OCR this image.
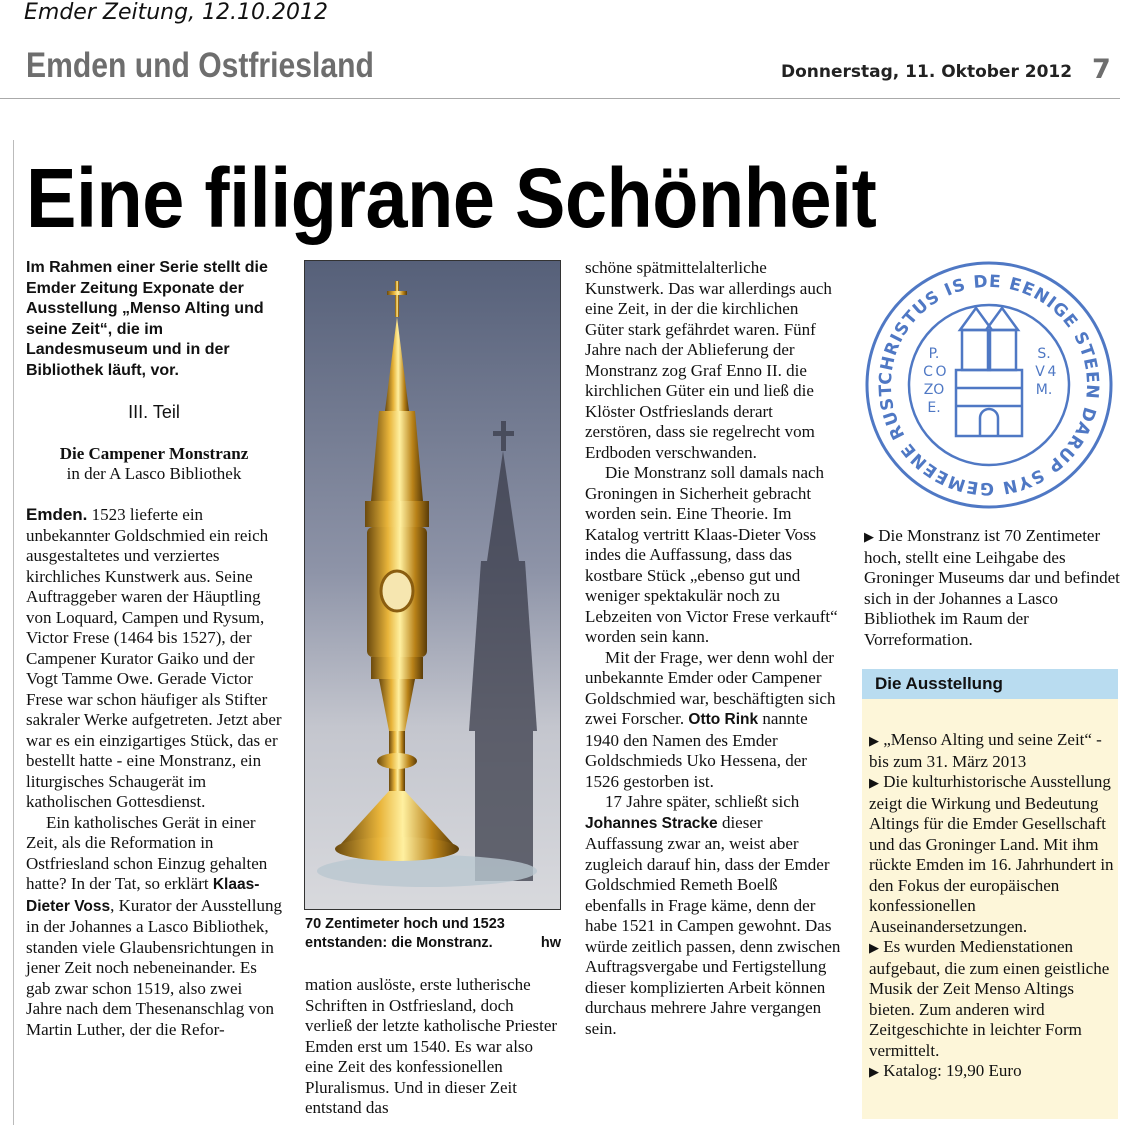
Emder Zeitung, 12.10.2012
Emden und Ostfriesland	Donnerstag, 11. Oktober 2012 7
Eine filigrane Schönheit
Im Rahmen einer Serie stellt die Emder Zeitung Exponate der Ausstellung „Menso Alting und seine Zeit“, die im Landesmuseum und in der Bibliothek läuft, vor.
III. Teil
Die Campener Monstranz
in der A Lasco Bibliothek

Emden. 1523 lieferte ein unbekannter Goldschmied ein reich ausgestaltetes und verziertes kirchliches Kunstwerk aus. Seine Auftraggeber waren der Häuptling von Loquard, Campen und Rysum, Victor Frese (1464 bis 1527), der Campener Kurator Gaiko und der Vogt Tamme Owe. Gerade Victor Frese war schon häufiger als Stifter sakraler Werke aufgetreten. Jetzt aber war es ein einzigartiges Stück, das er bestellt hatte - eine Monstranz, ein liturgisches Schaugerät im katholischen Gottesdienst.

Ein katholisches Gerät in einer Zeit, als die Reformation in Ostfriesland schon Einzug gehalten hatte? In der Tat, so erklärt Klaas-Dieter Voss, Kurator der Ausstellung in der Johannes a Lasco Bibliothek, standen viele Glaubensrichtungen in jener Zeit noch nebeneinander. Es gab zwar schon 1519, also zwei Jahre nach dem Thesenanschlag von Martin Luther, der die Refor-

70 Zentimeter hoch und 1523 entstanden: die Monstranz.	hw

mation auslöste, erste lutherische Schriften in Ostfriesland, doch verließ der letzte katholische Priester Emden erst um 1540. Es war also eine Zeit des konfessionellen Pluralismus. Und in dieser Zeit entstand das

schöne spätmittelalterliche Kunstwerk. Das war allerdings auch eine Zeit, in der die kirchlichen Güter stark gefährdet waren. Fünf Jahre nach der Ablieferung der Monstranz zog Graf Enno II. die kirchlichen Güter ein und ließ die Klöster Ostfrieslands derart zerstören, dass sie regelrecht vom Erdboden verschwanden.

Die Monstranz soll damals nach Groningen in Sicherheit gebracht worden sein. Eine Theorie. Im Katalog vertritt Klaas-Dieter Voss indes die Auffassung, dass das kostbare Stück „ebenso gut und weniger spektakulär noch zu Lebzeiten von Victor Frese verkauft“ worden sein kann.

Mit der Frage, wer denn wohl der unbekannte Emder oder Campener Goldschmied war, beschäftigten sich zwei Forscher. Otto Rink nannte 1940 den Namen des Emder Goldschmieds Uko Hessena, der 1526 gestorben ist.

17 Jahre später, schließt sich Johannes Stracke dieser Auffassung zwar an, weist aber zugleich darauf hin, dass der Emder Goldschmied Remeth Boelß ebenfalls in Frage käme, denn der habe 1521 in Campen gewohnt. Das würde zeitlich passen, denn zwischen Auftragsvergabe und Fertigstellung dieser komplizierten Arbeit können durchaus mehrere Jahre vergangen sein.

CHRISTUS IS DE EENIGE STEEN DARUP SYN GEMEENE RUST
P.
C O
ZO
E.
S.
V 4
M.
▶ Die Monstranz ist 70 Zentimeter hoch, stellt eine Leihgabe des Groninger Museums dar und befindet sich in der Johannes a Lasco Bibliothek im Raum der Vorreformation.
Die Ausstellung

▶ „Menso Alting und seine Zeit“ - bis zum 31. März 2013

▶ Die kulturhistorische Ausstellung zeigt die Wirkung und Bedeutung Altings für die Emder Gesellschaft und das Groninger Land. Mit ihm rückte Emden im 16. Jahrhundert in den Fokus der europäischen konfessionellen Auseinandersetzungen.

▶ Es wurden Medienstationen aufgebaut, die zum einen geistliche Musik der Zeit Menso Altings bieten. Zum anderen wird Zeitgeschichte in leichter Form vermittelt.

▶ Katalog: 19,90 Euro
